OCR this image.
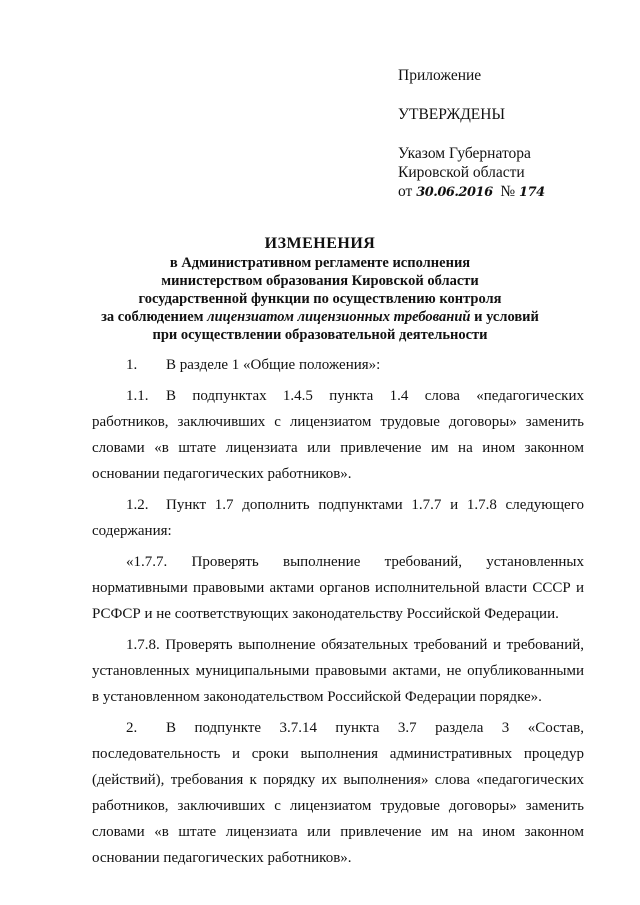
Приложение
УТВЕРЖДЕНЫ
Указом Губернатора
Кировской области
от 30.06.2016 № 174
ИЗМЕНЕНИЯ
в Административном регламенте исполнения
министерством образования Кировской области
государственной функции по осуществлению контроля
за соблюдением лицензиатом лицензионных требований и условий
при осуществлении образовательной деятельности

1. В разделе 1 «Общие положения»:

1.1. В подпунктах 1.4.5 пункта 1.4 слова «педагогических работников, заключивших с лицензиатом трудовые договоры» заменить словами «в штате лицензиата или привлечение им на ином законном основании педагогических работников».

1.2. Пункт 1.7 дополнить подпунктами 1.7.7 и 1.7.8 следующего содержания:

«1.7.7. Проверять выполнение требований, установленных нормативными правовыми актами органов исполнительной власти СССР и РСФСР и не соответствующих законодательству Российской Федерации.

1.7.8. Проверять выполнение обязательных требований и требований, установленных муниципальными правовыми актами, не опубликованными в установленном законодательством Российской Федерации порядке».

2. В подпункте 3.7.14 пункта 3.7 раздела 3 «Состав, последовательность и сроки выполнения административных процедур (действий), требования к порядку их выполнения» слова «педагогических работников, заключивших с лицензиатом трудовые договоры» заменить словами «в штате лицензиата или привлечение им на ином законном основании педагогических работников».
